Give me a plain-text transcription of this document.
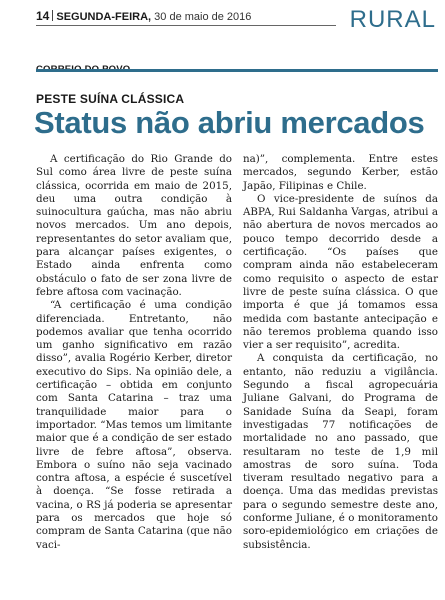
14 SEGUNDA-FEIRA, 30 de maio de 2016	RURAL
PESTE SUÍNA CLÁSSICA
Status não abriu mercados

A certificação do Rio Grande do Sul como área livre de peste suína clássica, ocorrida em maio de 2015, deu uma outra condição à suinocultura gaúcha, mas não abriu novos mercados. Um ano depois, representantes do setor avaliam que, para alcançar países exigentes, o Estado ainda enfrenta como obstáculo o fato de ser zona livre de febre aftosa com vacinação.

“A certificação é uma condição diferenciada. Entretanto, não podemos avaliar que tenha ocorrido um ganho significativo em razão disso”, avalia Rogério Kerber, diretor executivo do Sips. Na opinião dele, a certificação – obtida em conjunto com Santa Catarina – traz uma tranquilidade maior para o importador. “Mas temos um limitante maior que é a condição de ser estado livre de febre aftosa”, observa. Embora o suíno não seja vacinado contra aftosa, a espécie é suscetível à doença. “Se fosse retirada a vacina, o RS já poderia se apresentar para os mercados que hoje só compram de Santa Catarina (que não vaci-

na)”, complementa. Entre estes mercados, segundo Kerber, estão Japão, Filipinas e Chile.

O vice-presidente de suínos da ABPA, Rui Saldanha Vargas, atribui a não abertura de novos mercados ao pouco tempo decorrido desde a certificação. “Os países que compram ainda não estabeleceram como requisito o aspecto de estar livre de peste suína clássica. O que importa é que já tomamos essa medida com bastante antecipação e não teremos problema quando isso vier a ser requisito”, acredita.

A conquista da certificação, no entanto, não reduziu a vigilância. Segundo a fiscal agropecuária Juliane Galvani, do Programa de Sanidade Suína da Seapi, foram investigadas 77 notificações de mortalidade no ano passado, que resultaram no teste de 1,9 mil amostras de soro suína. Toda tiveram resultado negativo para a doença. Uma das medidas previstas para o segundo semestre deste ano, conforme Juliane, é o monitoramento soro-epidemiológico em criações de subsistência.
